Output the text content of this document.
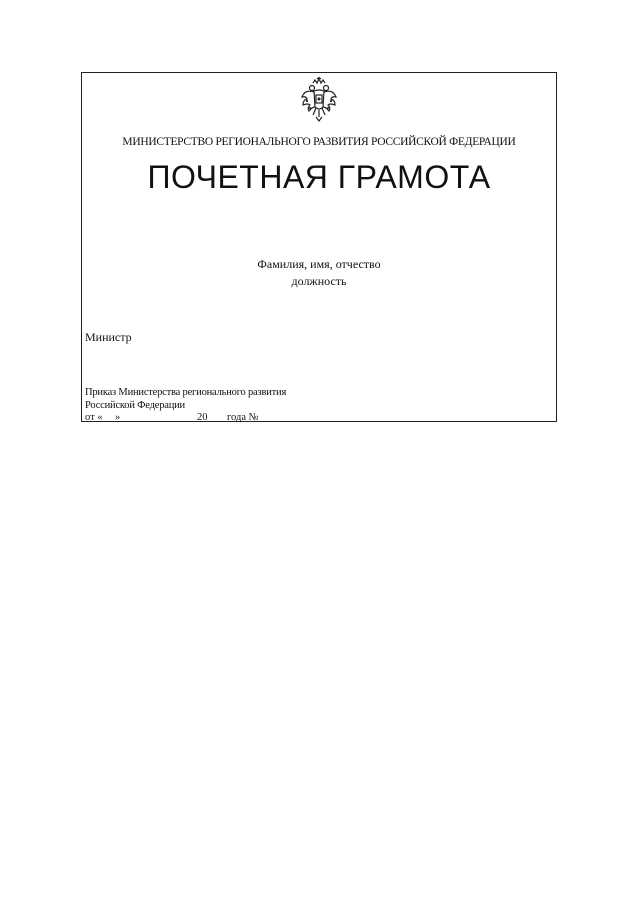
МИНИСТЕРСТВО РЕГИОНАЛЬНОГО РАЗВИТИЯ РОССИЙСКОЙ ФЕДЕРАЦИИ
ПОЧЕТНАЯ ГРАМОТА
Фамилия, имя, отчество
должность
Министр
Приказ Министерства регионального развития
Российской Федерации
от « »	20 года №
